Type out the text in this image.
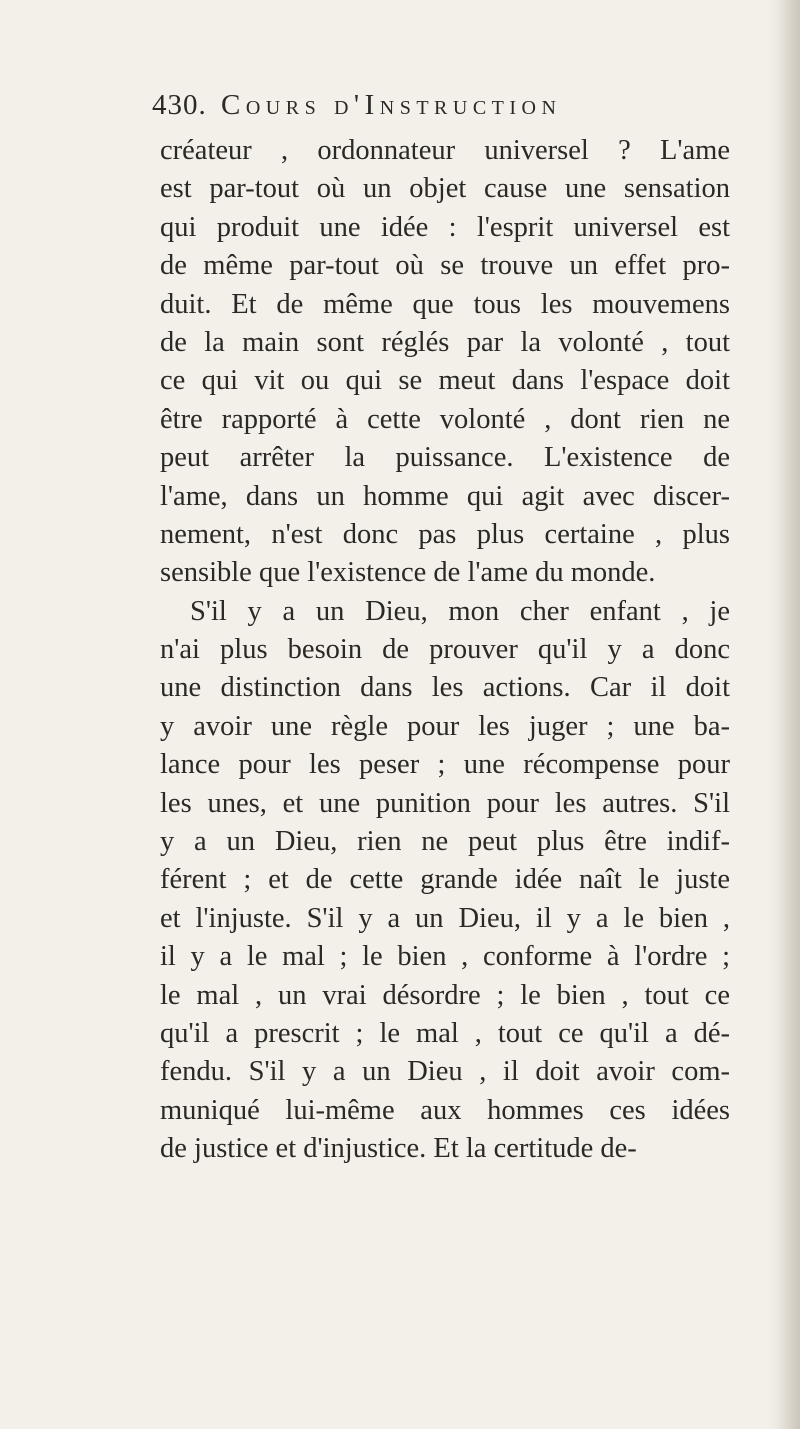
430. Cours d'Instruction
créateur , ordonnateur universel ? L'ame
est par-tout où un objet cause une sensation
qui produit une idée : l'esprit universel est
de même par-tout où se trouve un effet pro-
duit. Et de même que tous les mouvemens
de la main sont réglés par la volonté , tout
ce qui vit ou qui se meut dans l'espace doit
être rapporté à cette volonté , dont rien ne
peut arrêter la puissance. L'existence de
l'ame, dans un homme qui agit avec discer-
nement, n'est donc pas plus certaine , plus
sensible que l'existence de l'ame du monde.
S'il y a un Dieu, mon cher enfant , je
n'ai plus besoin de prouver qu'il y a donc
une distinction dans les actions. Car il doit
y avoir une règle pour les juger ; une ba-
lance pour les peser ; une récompense pour
les unes, et une punition pour les autres. S'il
y a un Dieu, rien ne peut plus être indif-
férent ; et de cette grande idée naît le juste
et l'injuste. S'il y a un Dieu, il y a le bien ,
il y a le mal ; le bien , conforme à l'ordre ;
le mal , un vrai désordre ; le bien , tout ce
qu'il a prescrit ; le mal , tout ce qu'il a dé-
fendu. S'il y a un Dieu , il doit avoir com-
muniqué lui-même aux hommes ces idées
de justice et d'injustice. Et la certitude de-
